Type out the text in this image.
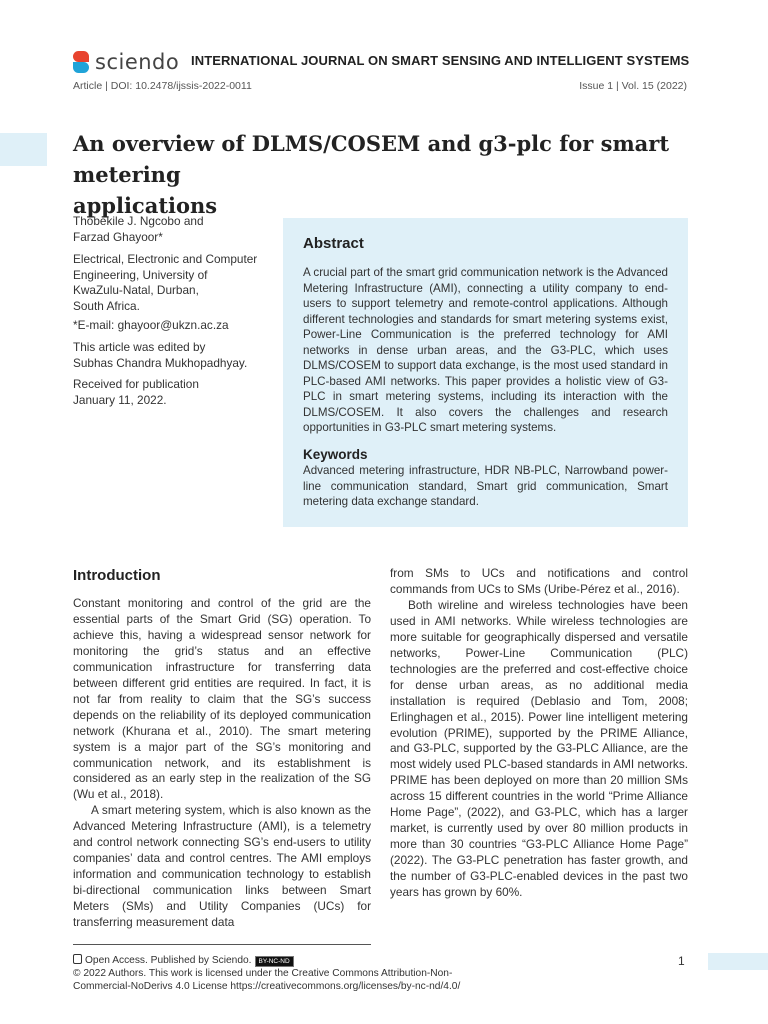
sciendo INTERNATIONAL JOURNAL ON SMART SENSING AND INTELLIGENT SYSTEMS
Article | DOI: 10.2478/ijssis-2022-0011	Issue 1 | Vol. 15 (2022)
An overview of DLMS/COSEM and g3-plc for smart metering
applications

Thobekile J. Ngcobo and

Farzad Ghayoor*

Electrical, Electronic and Computer

Engineering, University of

KwaZulu-Natal, Durban,

South Africa.

*E-mail: ghayoor@ukzn.ac.za

This article was edited by

Subhas Chandra Mukhopadhyay.

Received for publication

January 11, 2022.

Abstract

A crucial part of the smart grid communication network is the Advanced Metering Infrastructure (AMI), connecting a utility company to end-users to support telemetry and remote-control applications. Although different technologies and standards for smart metering systems exist, Power-Line Communication is the preferred technology for AMI networks in dense urban areas, and the G3-PLC, which uses DLMS/COSEM to support data exchange, is the most used standard in PLC-based AMI networks. This paper provides a holistic view of G3-PLC in smart metering systems, including its interaction with the DLMS/COSEM. It also covers the challenges and research opportunities in G3-PLC smart metering systems.

Keywords

Advanced metering infrastructure, HDR NB-PLC, Narrowband power-line communication standard, Smart grid communication, Smart metering data exchange standard.

Introduction

Constant monitoring and control of the grid are the essential parts of the Smart Grid (SG) operation. To achieve this, having a widespread sensor network for monitoring the grid’s status and an effective communication infrastructure for transferring data between different grid entities are required. In fact, it is not far from reality to claim that the SG’s success depends on the reliability of its deployed communication network (Khurana et al., 2010). The smart metering system is a major part of the SG’s monitoring and communication network, and its establishment is considered as an early step in the realization of the SG (Wu et al., 2018).

A smart metering system, which is also known as the Advanced Metering Infrastructure (AMI), is a telemetry and control network connecting SG’s end-users to utility companies’ data and control centres. The AMI employs information and communication technology to establish bi-directional communication links between Smart Meters (SMs) and Utility Companies (UCs) for transferring measurement data

from SMs to UCs and notifications and control commands from UCs to SMs (Uribe-Pérez et al., 2016).

Both wireline and wireless technologies have been used in AMI networks. While wireless technologies are more suitable for geographically dispersed and versatile networks, Power-Line Communication (PLC) technologies are the preferred and cost-effective choice for dense urban areas, as no additional media installation is required (Deblasio and Tom, 2008; Erlinghagen et al., 2015). Power line intelligent metering evolution (PRIME), supported by the PRIME Alliance, and G3-PLC, supported by the G3-PLC Alliance, are the most widely used PLC-based standards in AMI networks. PRIME has been deployed on more than 20 million SMs across 15 different countries in the world “Prime Alliance Home Page”, (2022), and G3-PLC, which has a larger market, is currently used by over 80 million products in more than 30 countries “G3-PLC Alliance Home Page” (2022). The G3-PLC penetration has faster growth, and the number of G3-PLC-enabled devices in the past two years has grown by 60%.

Open Access. Published by Sciendo. BY-NC-ND

© 2022 Authors. This work is licensed under the Creative Commons Attribution-Non-

Commercial-NoDerivs 4.0 License https://creativecommons.org/licenses/by-nc-nd/4.0/

1
